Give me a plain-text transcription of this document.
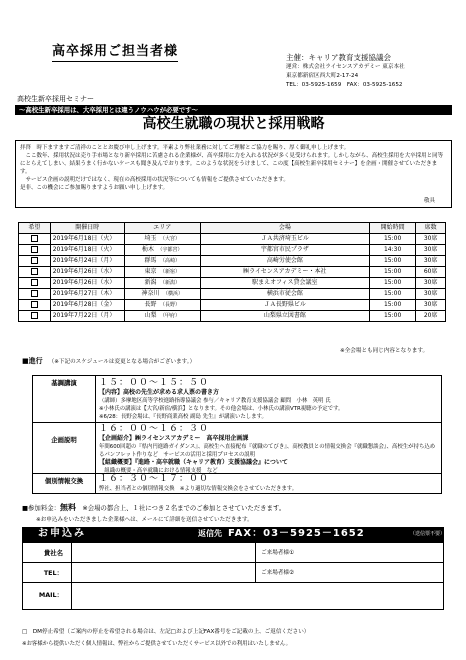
高卒採用ご担当者様	主催：キャリア教育支援協議会
運営：株式会社ライセンスアカデミー 東京本社
東京都新宿区西大町2-17-24
TEL：03-5925-1659　FAX：03-5925-1652
高校生新卒採用セミナー
～高校生新卒採用は、大卒採用とは違うノウハウが必要です～
高校生就職の現状と採用戦略

拝啓　時下ますますご清祥のこととお慶び申し上げます。平素より弊社業務に対してご理解とご協力を賜り、厚く御礼申し上げます。

　ここ数年、採用状況は売り手市場となり新卒採用に苦慮される企業様が、高卒採用に力を入れる状況が多く見受けられます。しかしながら、高校生採用を大卒採用と同等にとらえてしまい、結果うまく行かないケースも聞き及んでおります。このような状況をうけまして、この度【高校生新卒採用セミナー】を企画・開催させていただきます。

　サービス企画の説明だけではなく、現在の高校採用の状況等についても情報をご提供させていただきます。

是非、この機会にご参加賜りますようお願い申し上げます。

敬具
希望	開催日時	エリア	会場	開始時間	席数
	2019年6月18日（火）	埼玉　 （大宮）	ＪＡ共済埼玉ビル	15:00	30席
	2019年6月18日（火）	栃木　 （宇都宮）	宇都宮市民プラザ	14:30	30席
	2019年6月24日（月）	群馬　 （高崎）	高崎労使会館	15:00	30席
	2019年6月26日（水）	東京　 （新宿）	㈱ライセンスアカデミー・本社	15:00	60席
	2019年6月26日（水）	新潟　 （新潟）	駅まえオフィス貸会議室	15:00	30席
	2019年6月27日（木）	神奈川　 （横浜）	横浜市従会館	15:00	30席
	2019年6月28日（金）	長野　 （長野）	ＪＡ長野県ビル	15:00	30席
	2019年7月22日（月）	山梨　 （甲府）	山梨県立図書館	15:00	20席
※全会場とも同じ内容となります。
■進行 （※下記のスケジュールは変更となる場合がございます。）
基調講演	１５：００～１５：５０
【内容】高校の先生が求める求人票の書き方
（講師）多摩地区高等学校進路指導協議会 参与／キャリア教育支援協議会 顧問　小林　英明 氏
※小林氏の講演は【大宮/新宿/横浜】となります。その他会場は、小林氏の講演VTR視聴の予定です。
※6/28：長野会場は、『長野商業高校 副島 先生』が講演いたします。
企画説明
１６：００～１６：３０
【企画紹介】㈱ライセンスアカデミー　高卒採用企画課
年間600回超の『県内円進路ガイダンス』、高校生へ直接配布『就職のてびき』、高校教員との情報交換会『就職懇談会』、高校生が持ち込めるパンフレット作りなど　サービスの活用と採用プロセスの説明
【組織概要】『進路・高卒就職（キャリア教育）支援協議会』について
　組織の概要・高卒就職における情報支援　など
個別情報交換	１６：３０～１７：００
弊社、担当者との個別情報交換　※より適切な情報交換会をさせていただきます。
■参加料金：無料　 ※会場の都合上、１社につき２名までのご参加とさせていただきます。
※お申込みをいただきました企業様へは、メールにて詳細を送信させていただきます。
お申込み	返信先 FAX：03－5925－1652	（送信票不要）
貴社名	ご来場者様①
TEL：	ご来場者様②
MAIL：
□　DM停止希望（ご案内の停止を希望される場合は、左記□および上記FAX番号をご記載の上、ご返信ください）
※お客様から提供いただく個人情報は、弊社からご提供させていただくサービス以外での利用はいたしません。
